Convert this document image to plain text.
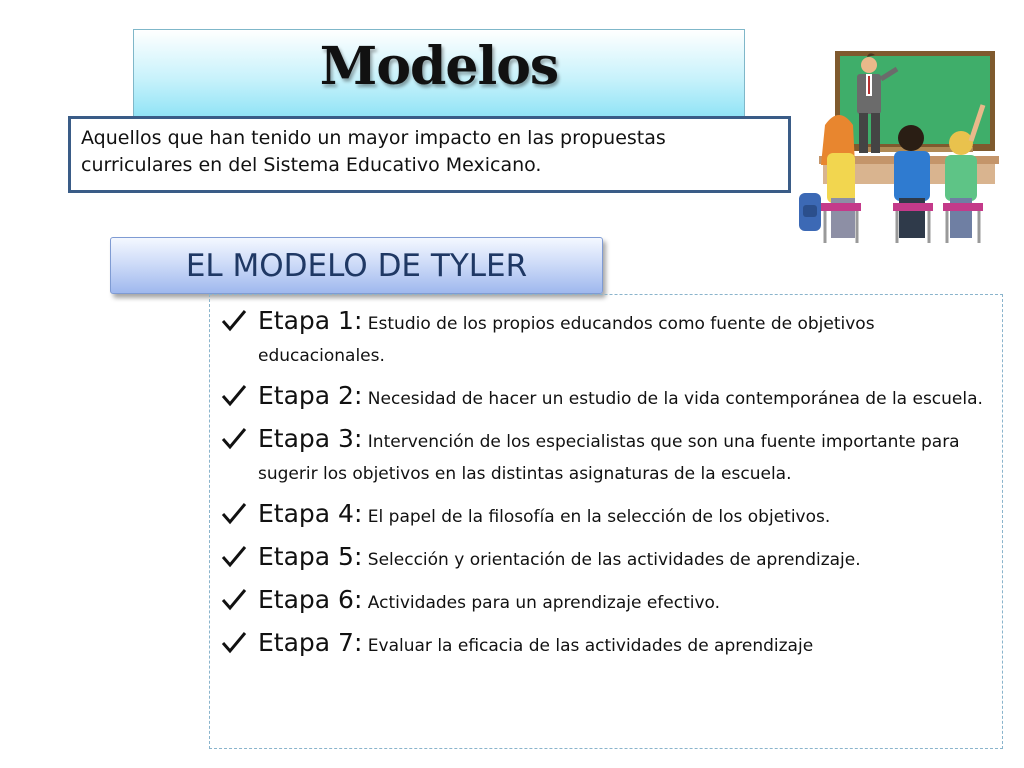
Modelos
Aquellos que han tenido un mayor impacto en las propuestas curriculares en del Sistema Educativo Mexicano.
EL MODELO DE TYLER
Etapa 1: Estudio de los propios educandos como fuente de objetivos educacionales.
Etapa 2: Necesidad de hacer un estudio de la vida contemporánea de la escuela.
Etapa 3: Intervención de los especialistas que son una fuente importante para sugerir los objetivos en las distintas asignaturas de la escuela.
Etapa 4: El papel de la filosofía en la selección de los objetivos.
Etapa 5: Selección y orientación de las actividades de aprendizaje.
Etapa 6: Actividades para un aprendizaje efectivo.
Etapa 7: Evaluar la eficacia de las actividades de aprendizaje
